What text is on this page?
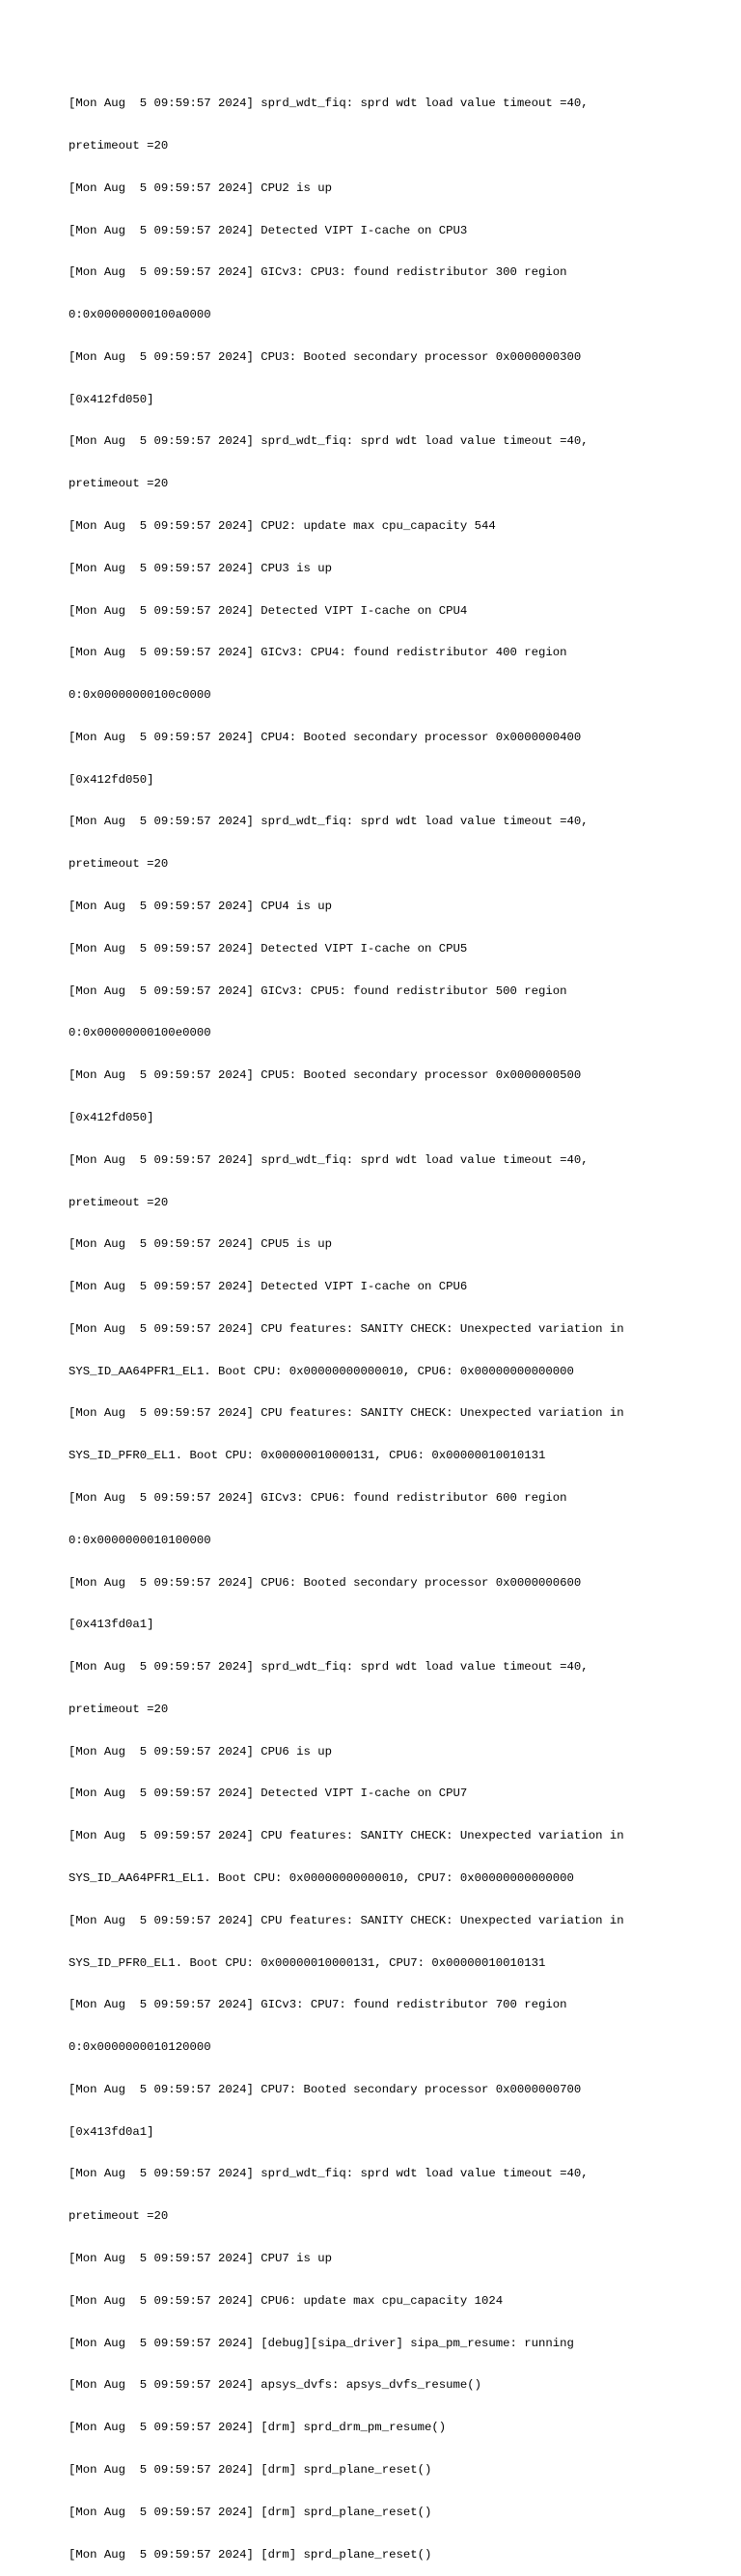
[Mon Aug  5 09:59:57 2024] sprd_wdt_fiq: sprd wdt load value timeout =40,

pretimeout =20

[Mon Aug  5 09:59:57 2024] CPU2 is up

[Mon Aug  5 09:59:57 2024] Detected VIPT I-cache on CPU3

[Mon Aug  5 09:59:57 2024] GICv3: CPU3: found redistributor 300 region

0:0x00000000100a0000

[Mon Aug  5 09:59:57 2024] CPU3: Booted secondary processor 0x0000000300

[0x412fd050]

[Mon Aug  5 09:59:57 2024] sprd_wdt_fiq: sprd wdt load value timeout =40,

pretimeout =20

[Mon Aug  5 09:59:57 2024] CPU2: update max cpu_capacity 544

[Mon Aug  5 09:59:57 2024] CPU3 is up

[Mon Aug  5 09:59:57 2024] Detected VIPT I-cache on CPU4

[Mon Aug  5 09:59:57 2024] GICv3: CPU4: found redistributor 400 region

0:0x00000000100c0000

[Mon Aug  5 09:59:57 2024] CPU4: Booted secondary processor 0x0000000400

[0x412fd050]

[Mon Aug  5 09:59:57 2024] sprd_wdt_fiq: sprd wdt load value timeout =40,

pretimeout =20

[Mon Aug  5 09:59:57 2024] CPU4 is up

[Mon Aug  5 09:59:57 2024] Detected VIPT I-cache on CPU5

[Mon Aug  5 09:59:57 2024] GICv3: CPU5: found redistributor 500 region

0:0x00000000100e0000

[Mon Aug  5 09:59:57 2024] CPU5: Booted secondary processor 0x0000000500

[0x412fd050]

[Mon Aug  5 09:59:57 2024] sprd_wdt_fiq: sprd wdt load value timeout =40,

pretimeout =20

[Mon Aug  5 09:59:57 2024] CPU5 is up

[Mon Aug  5 09:59:57 2024] Detected VIPT I-cache on CPU6

[Mon Aug  5 09:59:57 2024] CPU features: SANITY CHECK: Unexpected variation in

SYS_ID_AA64PFR1_EL1. Boot CPU: 0x00000000000010, CPU6: 0x00000000000000

[Mon Aug  5 09:59:57 2024] CPU features: SANITY CHECK: Unexpected variation in

SYS_ID_PFR0_EL1. Boot CPU: 0x00000010000131, CPU6: 0x00000010010131

[Mon Aug  5 09:59:57 2024] GICv3: CPU6: found redistributor 600 region

0:0x0000000010100000

[Mon Aug  5 09:59:57 2024] CPU6: Booted secondary processor 0x0000000600

[0x413fd0a1]

[Mon Aug  5 09:59:57 2024] sprd_wdt_fiq: sprd wdt load value timeout =40,

pretimeout =20

[Mon Aug  5 09:59:57 2024] CPU6 is up

[Mon Aug  5 09:59:57 2024] Detected VIPT I-cache on CPU7

[Mon Aug  5 09:59:57 2024] CPU features: SANITY CHECK: Unexpected variation in

SYS_ID_AA64PFR1_EL1. Boot CPU: 0x00000000000010, CPU7: 0x00000000000000

[Mon Aug  5 09:59:57 2024] CPU features: SANITY CHECK: Unexpected variation in

SYS_ID_PFR0_EL1. Boot CPU: 0x00000010000131, CPU7: 0x00000010010131

[Mon Aug  5 09:59:57 2024] GICv3: CPU7: found redistributor 700 region

0:0x0000000010120000

[Mon Aug  5 09:59:57 2024] CPU7: Booted secondary processor 0x0000000700

[0x413fd0a1]

[Mon Aug  5 09:59:57 2024] sprd_wdt_fiq: sprd wdt load value timeout =40,

pretimeout =20

[Mon Aug  5 09:59:57 2024] CPU7 is up

[Mon Aug  5 09:59:57 2024] CPU6: update max cpu_capacity 1024

[Mon Aug  5 09:59:57 2024] [debug][sipa_driver] sipa_pm_resume: running

[Mon Aug  5 09:59:57 2024] apsys_dvfs: apsys_dvfs_resume()

[Mon Aug  5 09:59:57 2024] [drm] sprd_drm_pm_resume()

[Mon Aug  5 09:59:57 2024] [drm] sprd_plane_reset()

[Mon Aug  5 09:59:57 2024] [drm] sprd_plane_reset()

[Mon Aug  5 09:59:57 2024] [drm] sprd_plane_reset()
